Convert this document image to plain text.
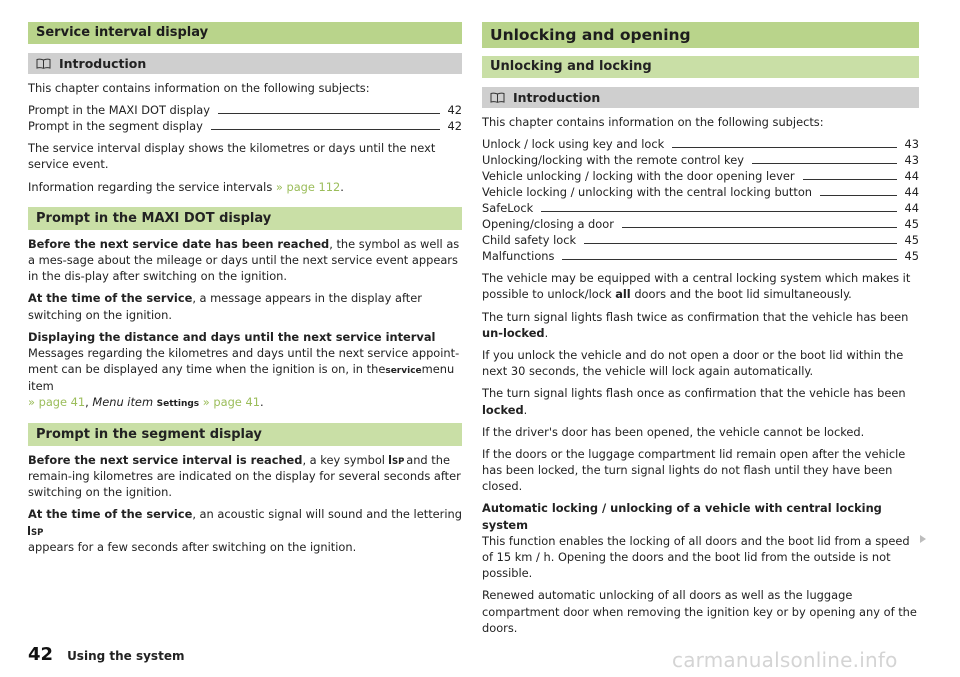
Service interval display
Introduction

This chapter contains information on the following subjects:

Prompt in the MAXI DOT display	42
Prompt in the segment display	42

The service interval display shows the kilometres or days until the next service event.

Information regarding the service intervals » page 112.

Prompt in the MAXI DOT display

Before the next service date has been reached, the symbol as well as a mes-sage about the mileage or days until the next service event appears in the dis-play after switching on the ignition.

At the time of the service, a message appears in the display after switching on the ignition.

Displaying the distance and days until the next service interval
Messages regarding the kilometres and days until the next service appoint-ment can be displayed any time when the ignition is on, in theservicemenu item
» page 41, Menu item Settings » page 41.

Prompt in the segment display

Before the next service interval is reached, a key symbol SP
and the remain-ing kilometres are indicated on the display for several seconds after switching on the ignition.

At the time of the service, an acoustic signal will sound and the lettering
SP

appears for a few seconds after switching on the ignition.

Unlocking and opening
Unlocking and locking
Introduction

This chapter contains information on the following subjects:

Unlock / lock using key and lock	43
Unlocking/locking with the remote control key	43
Vehicle unlocking / locking with the door opening lever	44
Vehicle locking / unlocking with the central locking button	44
SafeLock	44
Opening/closing a door	45
Child safety lock	45
Malfunctions	45

The vehicle may be equipped with a central locking system which makes it possible to unlock/lock all doors and the boot lid simultaneously.

The turn signal lights flash twice as confirmation that the vehicle has been un-locked.

If you unlock the vehicle and do not open a door or the boot lid within the next 30 seconds, the vehicle will lock again automatically.

The turn signal lights flash once as confirmation that the vehicle has been locked.

If the driver's door has been opened, the vehicle cannot be locked.

If the doors or the luggage compartment lid remain open after the vehicle has been locked, the turn signal lights do not flash until they have been closed.

Automatic locking / unlocking of a vehicle with central locking system
This function enables the locking of all doors and the boot lid from a speed of 15 km / h. Opening the doors and the boot lid from the outside is not possible.

Renewed automatic unlocking of all doors as well as the luggage compartment door when removing the ignition key or by opening any of the doors.

42 Using the system	carmanualsonline.info
